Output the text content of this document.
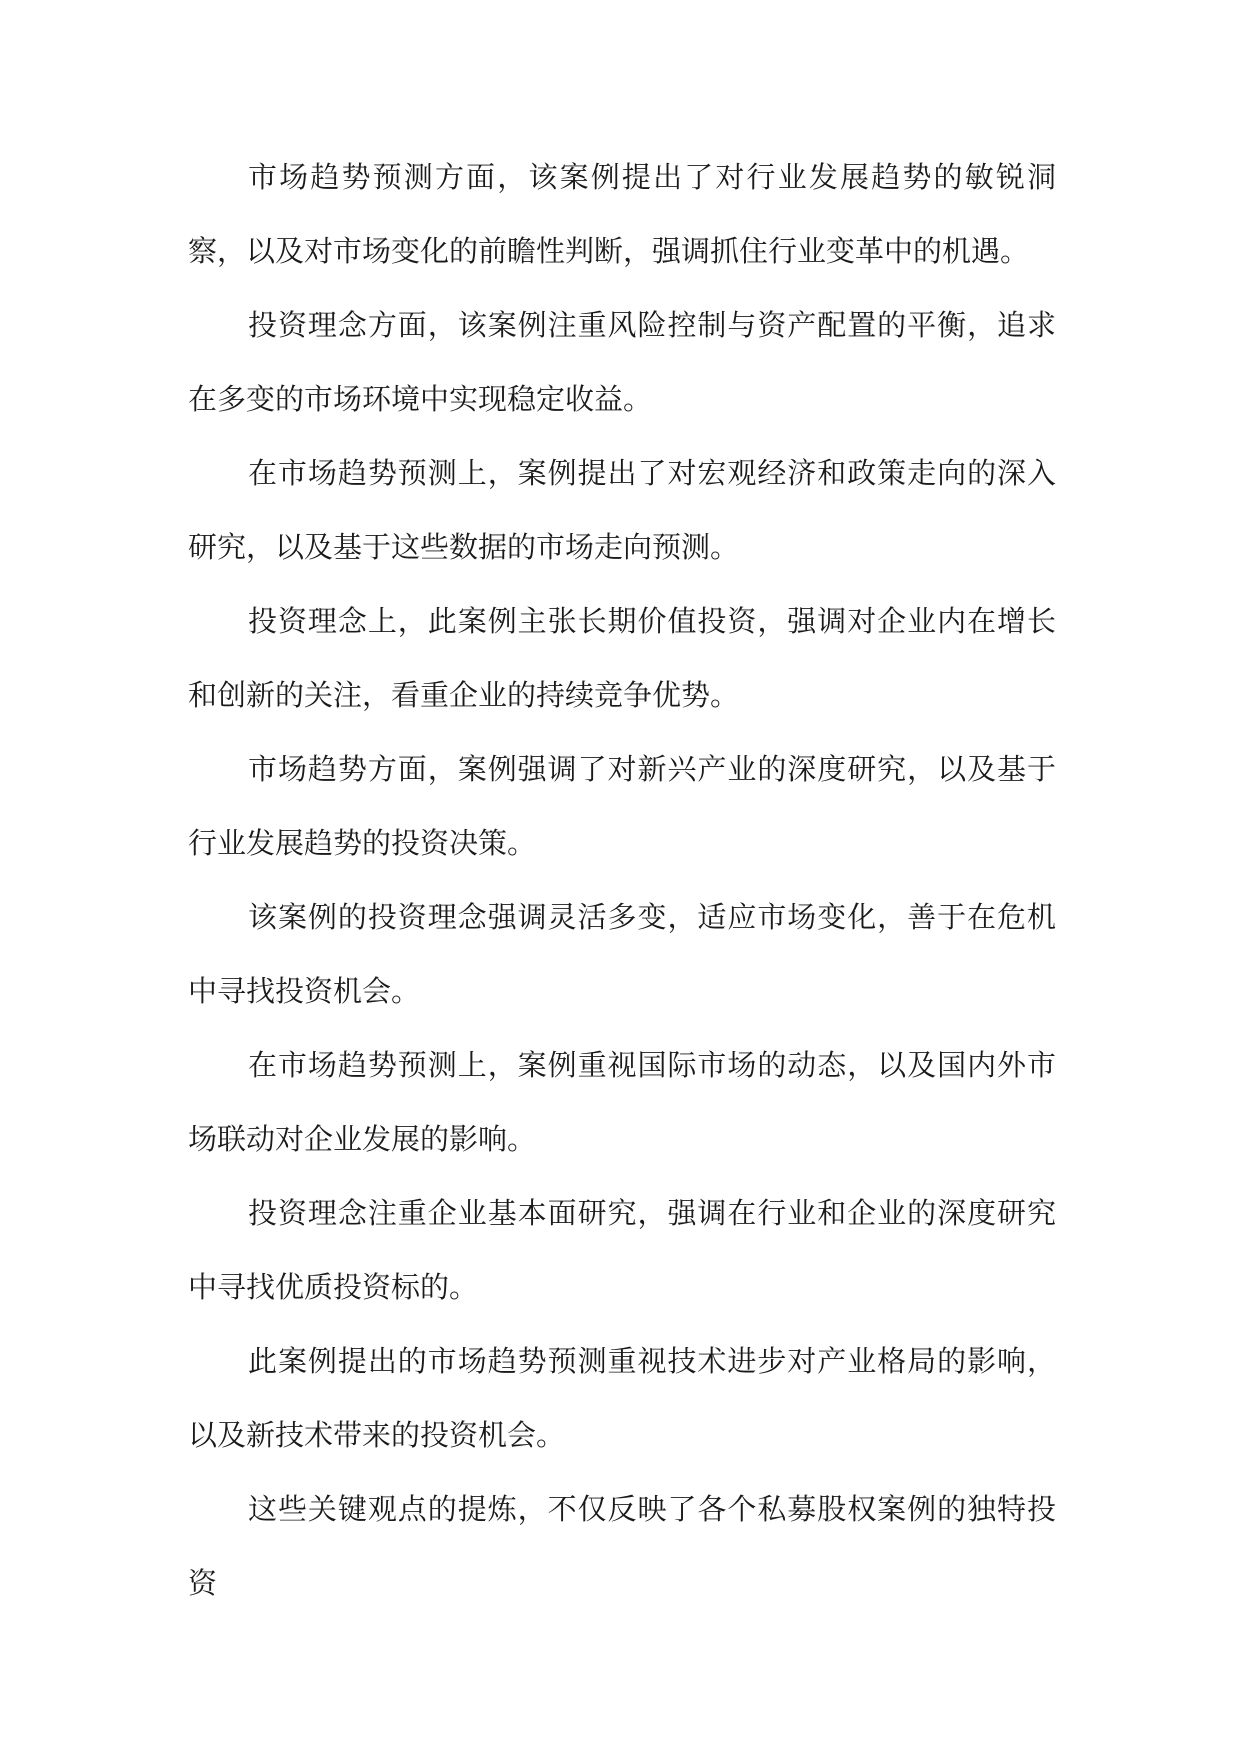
市场趋势预测方面，该案例提出了对行业发展趋势的敏锐洞察，以及对市场变化的前瞻性判断，强调抓住行业变革中的机遇。

投资理念方面，该案例注重风险控制与资产配置的平衡，追求在多变的市场环境中实现稳定收益。

在市场趋势预测上，案例提出了对宏观经济和政策走向的深入研究，以及基于这些数据的市场走向预测。

投资理念上，此案例主张长期价值投资，强调对企业内在增长和创新的关注，看重企业的持续竞争优势。

市场趋势方面，案例强调了对新兴产业的深度研究，以及基于行业发展趋势的投资决策。

该案例的投资理念强调灵活多变，适应市场变化，善于在危机中寻找投资机会。

在市场趋势预测上，案例重视国际市场的动态，以及国内外市场联动对企业发展的影响。

投资理念注重企业基本面研究，强调在行业和企业的深度研究中寻找优质投资标的。

此案例提出的市场趋势预测重视技术进步对产业格局的影响，以及新技术带来的投资机会。

这些关键观点的提炼，不仅反映了各个私募股权案例的独特投资
